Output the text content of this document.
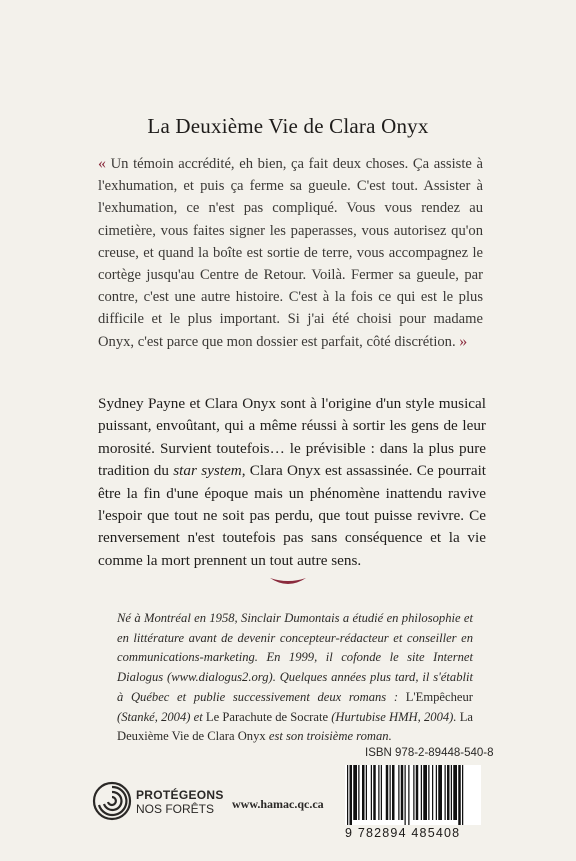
La Deuxième Vie de Clara Onyx
« Un témoin accrédité, eh bien, ça fait deux choses. Ça assiste à l'exhumation, et puis ça ferme sa gueule. C'est tout. Assister à l'exhumation, ce n'est pas compliqué. Vous vous rendez au cimetière, vous faites signer les paperasses, vous autorisez qu'on creuse, et quand la boîte est sortie de terre, vous accompagnez le cortège jusqu'au Centre de Retour. Voilà. Fermer sa gueule, par contre, c'est une autre histoire. C'est à la fois ce qui est le plus difficile et le plus important. Si j'ai été choisi pour madame Onyx, c'est parce que mon dossier est parfait, côté discrétion. »
Sydney Payne et Clara Onyx sont à l'origine d'un style musical puissant, envoûtant, qui a même réussi à sortir les gens de leur morosité. Survient toutefois… le prévisible : dans la plus pure tradition du star system, Clara Onyx est assassinée. Ce pourrait être la fin d'une époque mais un phénomène inattendu ravive l'espoir que tout ne soit pas perdu, que tout puisse revivre. Ce renversement n'est toutefois pas sans conséquence et la vie comme la mort prennent un tout autre sens.
Né à Montréal en 1958, Sinclair Dumontais a étudié en philosophie et en littérature avant de devenir concepteur-rédacteur et conseiller en communications-marketing. En 1999, il cofonde le site Internet Dialogus (www.dialogus2.org). Quelques années plus tard, il s'établit à Québec et publie successivement deux romans : L'Empêcheur (Stanké, 2004) et Le Parachute de Socrate (Hurtubise HMH, 2004). La Deuxième Vie de Clara Onyx est son troisième roman.
ISBN 978-2-89448-540-8
PROTÉGEONS
NOS FORÊTS	www.hamac.qc.ca
9 782894 485408
